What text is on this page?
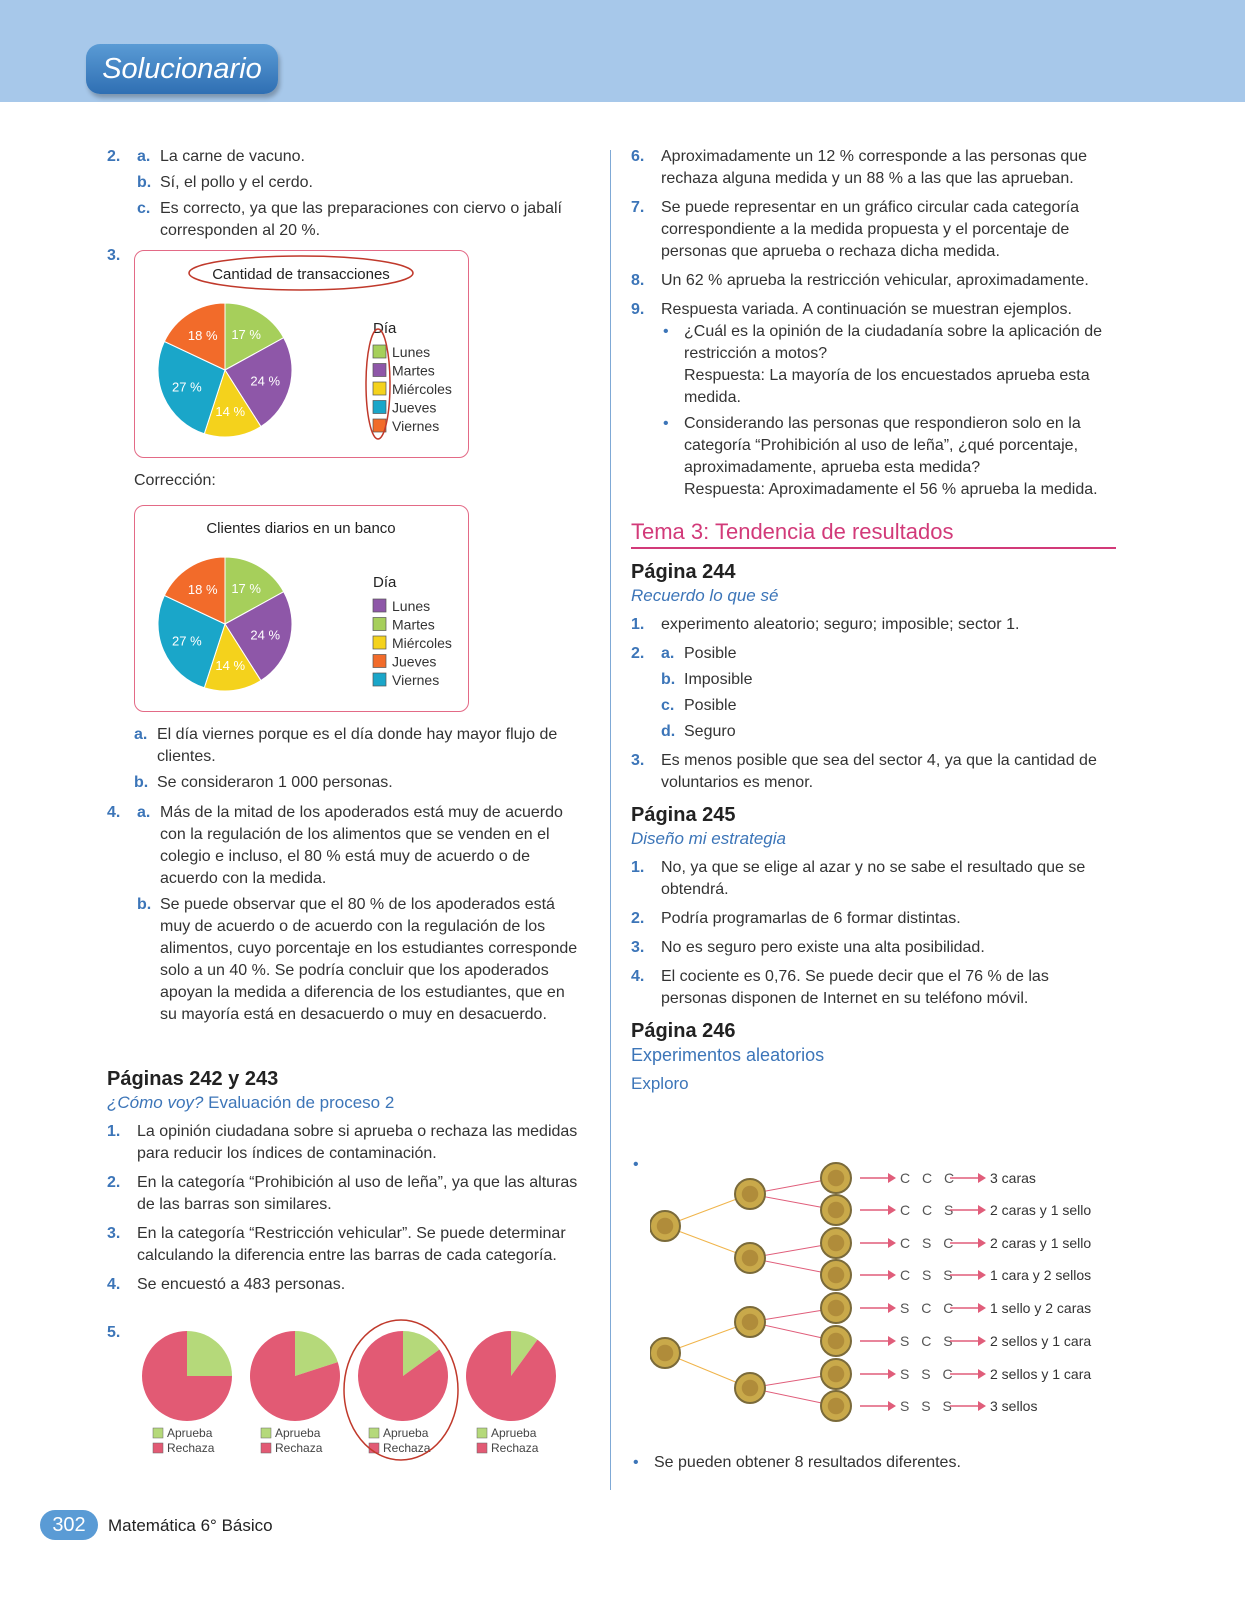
Solucionario
2. a. La carne de vacuno.
b. Sí, el pollo y el cerdo.
c. Es correcto, ya que las preparaciones con ciervo o jabalí corresponden al 20 %.
3.
Cantidad de transacciones
17 %
24 %
14 %
27 %
18 %	Día
Lunes
Martes
Miércoles
Jueves
Viernes
Corrección:
Clientes diarios en un banco
17 %
24 %
14 %
27 %
18 %	Día
Lunes
Martes
Miércoles
Jueves
Viernes
a. El día viernes porque es el día donde hay mayor flujo de clientes.
b. Se consideraron 1 000 personas.
4. a. Más de la mitad de los apoderados está muy de acuerdo con la regulación de los alimentos que se venden en el colegio e incluso, el 80 % está muy de acuerdo o de acuerdo con la medida.
b. Se puede observar que el 80 % de los apoderados está muy de acuerdo o de acuerdo con la regulación de los alimentos, cuyo porcentaje en los estudiantes corresponde solo a un 40 %. Se podría concluir que los apoderados apoyan la medida a diferencia de los estudiantes, que en su mayoría está en desacuerdo o muy en desacuerdo.
Páginas 242 y 243
¿Cómo voy? Evaluación de proceso 2
1. La opinión ciudadana sobre si aprueba o rechaza las medidas para reducir los índices de contaminación.
2. En la categoría “Prohibición al uso de leña”, ya que las alturas de las barras son similares.
3. En la categoría “Restricción vehicular”. Se puede determinar calculando la diferencia entre las barras de cada categoría.
4. Se encuestó a 483 personas.
5.
Aprueba
Rechaza
Aprueba
Rechaza
Aprueba
Rechaza
Aprueba
Rechaza
6. Aproximadamente un 12 % corresponde a las personas que rechaza alguna medida y un 88 % a las que las aprueban.
7. Se puede representar en un gráfico circular cada categoría correspondiente a la medida propuesta y el porcentaje de personas que aprueba o rechaza dicha medida.
8. Un 62 % aprueba la restricción vehicular, aproximadamente.
9. Respuesta variada. A continuación se muestran ejemplos.
• ¿Cuál es la opinión de la ciudadanía sobre la aplicación de restricción a motos?
Respuesta: La mayoría de los encuestados aprueba esta medida.
• Considerando las personas que respondieron solo en la categoría “Prohibición al uso de leña”, ¿qué porcentaje, aproximadamente, aprueba esta medida?
Respuesta: Aproximadamente el 56 % aprueba la medida.
Tema 3: Tendencia de resultados
Página 244
Recuerdo lo que sé
1. experimento aleatorio; seguro; imposible; sector 1.
2. a. Posible
b. Imposible
c. Posible
d. Seguro
3. Es menos posible que sea del sector 4, ya que la cantidad de voluntarios es menor.
Página 245
Diseño mi estrategia
1. No, ya que se elige al azar y no se sabe el resultado que se obtendrá.
2. Podría programarlas de 6 formar distintas.
3. No es seguro pero existe una alta posibilidad.
4. El cociente es 0,76. Se puede decir que el 76 % de las personas disponen de Internet en su teléfono móvil.
Página 246
Experimentos aleatorios
Exploro
•
C C C 3 caras
C C S 2 caras y 1 sello
C S C 2 caras y 1 sello
C S S 1 cara y 2 sellos
S C C 1 sello y 2 caras
S C S 2 sellos y 1 cara
S S C 2 sellos y 1 cara
S S S 3 sellos
• Se pueden obtener 8 resultados diferentes.
302 Matemática 6° Básico
